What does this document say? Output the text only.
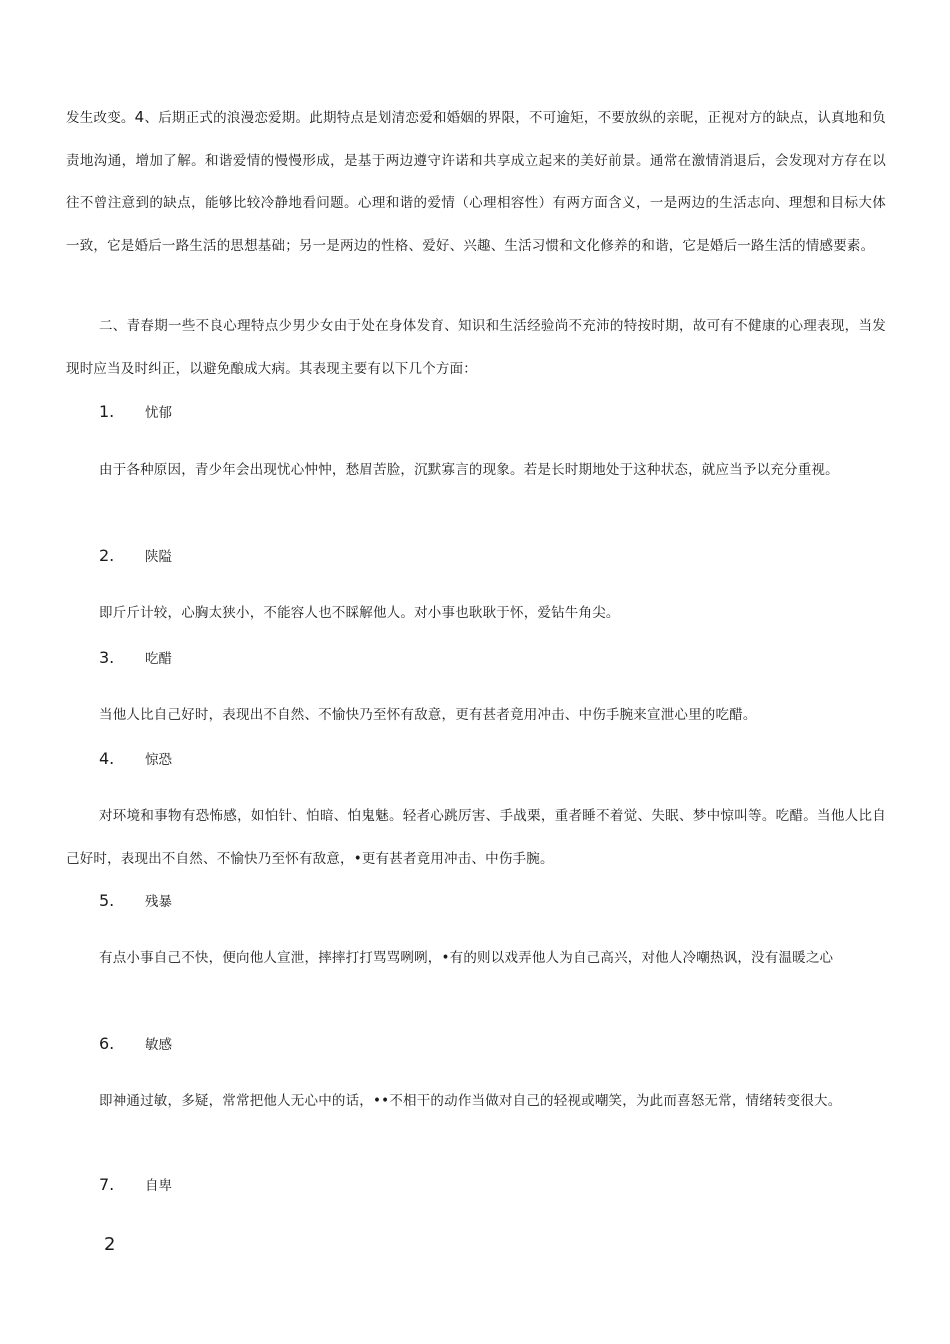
发生改变。4、后期正式的浪漫恋爱期。此期特点是划清恋爱和婚姻的界限，不可逾矩，不要放纵的亲昵，正视对方的缺点，认真地和负责地沟通，增加了解。和谐爱情的慢慢形成，是基于两边遵守许诺和共享成立起来的美好前景。通常在激情消退后，会发现对方存在以往不曾注意到的缺点，能够比较冷静地看问题。心理和谐的爱情（心理相容性）有两方面含义，一是两边的生活志向、理想和目标大体一致，它是婚后一路生活的思想基础；另一是两边的性格、爱好、兴趣、生活习惯和文化修养的和谐，它是婚后一路生活的情感要素。

二、青春期一些不良心理特点少男少女由于处在身体发育、知识和生活经验尚不充沛的特按时期，故可有不健康的心理表现，当发现时应当及时纠正，以避免酿成大病。其表现主要有以下几个方面：

1.	忧郁

由于各种原因，青少年会出现忧心忡忡，愁眉苦脸，沉默寡言的现象。若是长时期地处于这种状态，就应当予以充分重视。

2.	陕隘

即斤斤计较，心胸太狭小，不能容人也不睬解他人。对小事也耿耿于怀，爱钻牛角尖。

3.	吃醋

当他人比自己好时，表现出不自然、不愉快乃至怀有敌意，更有甚者竟用冲击、中伤手腕来宣泄心里的吃醋。

4.	惊恐

对环境和事物有恐怖感，如怕针、怕暗、怕鬼魅。轻者心跳厉害、手战栗，重者睡不着觉、失眠、梦中惊叫等。吃醋。当他人比自己好时，表现出不自然、不愉快乃至怀有敌意，•更有甚者竟用冲击、中伤手腕。

5.	残暴

有点小事自己不快，便向他人宣泄，摔摔打打骂骂咧咧，•有的则以戏弄他人为自己高兴，对他人冷嘲热讽，没有温暖之心

6.	敏感

即神通过敏，多疑，常常把他人无心中的话，••不相干的动作当做对自己的轻视或嘲笑，为此而喜怒无常，情绪转变很大。

7.	自卑

2
